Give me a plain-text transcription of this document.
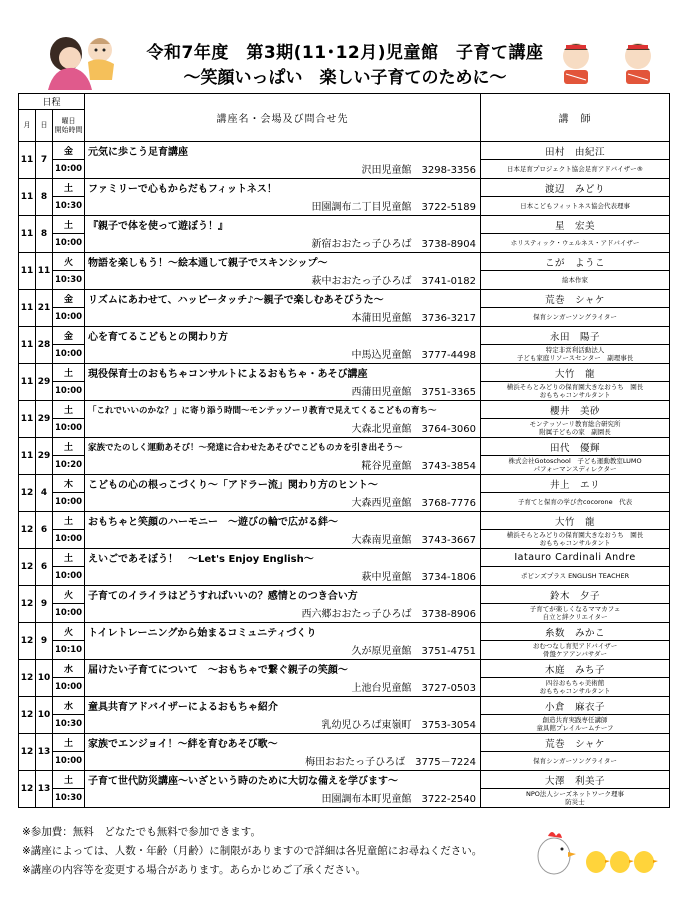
令和7年度　第3期(11･12月)児童館　子育て講座
～笑顔いっぱい　楽しい子育てのために～
日程			講座名・会場及び問合せ先	講　師
月	日	曜日
開始時間		

11	7	金	元気に歩こう足育講座	田村　由紀江
		10:00	沢田児童館　3298-3356	日本足育プロジェクト協会足育アドバイザー®

11	8	土	ファミリーで心もからだもフィットネス！	渡辺　みどり
		10:30	田園調布二丁目児童館　3722-5189	日本こどもフィットネス協会代表理事

11	8	土	『親子で体を使って遊ぼう！』	星　宏美
		10:00	新宿おおたっ子ひろば　3738-8904	ホリスティック・ウェルネス・アドバイザー

11	11	火	物語を楽しもう！～絵本通して親子でスキンシップ～	こが　ようこ
		10:30	萩中おおたっ子ひろば　3741-0182	絵本作家

11	21	金	リズムにあわせて、ハッピータッチ♪～親子で楽しむあそびうた～	荒巻　シャケ
		10:00	本蒲田児童館　3736-3217	保育シンガーソングライター

11	28	金	心を育てるこどもとの関わり方	永田　陽子
		10:00	中馬込児童館　3777-4498	特定非営利活動法人
子ども家庭リソースセンター　副理事長

11	29	土	現役保育士のおもちゃコンサルトによるおもちゃ・あそび講座	大竹　龍
		10:00	西蒲田児童館　3751-3365	横浜そらとみどりの保育園大きなおうち　園長
おもちゃコンサルタント

11	29	土	「これでいいのかな？」に寄り添う時間～モンテッソーリ教育で見えてくるこどもの育ち～	櫻井　美砂
		10:00	大森北児童館　3764-3060	モンテッソーリ教育総合研究所
附属子どもの家　副園長

11	29	土	家族でたのしく運動あそび！～発達に合わせたあそびでこどものカを引き出そう～	田代　優輝
		10:20	糀谷児童館　3743-3854	株式会社Gotoschool　子ども運動教室LUMO
パフォーマンスディレクター

12	4	木	こどもの心の根っこづくり～「アドラー流」関わり方のヒント～	井上　エリ
		10:00	大森西児童館　3768-7776	子育てと保育の学び舎cocorone　代表

12	6	土	おもちゃと笑顔のハーモニー　～遊びの輪で広がる絆～	大竹　龍
		10:00	大森南児童館　3743-3667	横浜そらとみどりの保育園大きなおうち　園長
おもちゃコンサルタント

12	6	土	えいごであそぼう！　～Let's Enjoy English～	Iatauro Cardinali Andre
		10:00	萩中児童館　3734-1806	ポピンズプラス ENGLISH TEACHER

12	9	火	子育てのイライラはどうすればいいの？感情とのつき合い方	鈴木　夕子
		10:00	西六郷おおたっ子ひろば　3738-8906	子育てが楽しくなるママカフェ
自立と絆クリエイター

12	9	火	トイレトレーニングから始まるコミュニティづくり	糸数　みかこ
		10:10	久が原児童館　3751-4751	おむつなし育児アドバイザー
骨盤ケアアンバサダー

12	10	水	届けたい子育てについて　～おもちゃで繋ぐ親子の笑顔～	木庭　みち子
		10:00	上池台児童館　3727-0503	四谷おもちゃ美術館
おもちゃコンサルタント

12	10	水	童具共育アドバイザーによるおもちゃ紹介	小倉　麻衣子
		10:30	乳幼児ひろば東嶺町　3753-3054	創造共育実践専任講師
童具館プレイルームチーフ

12	13	土	家族でエンジョイ！～絆を育むあそび歌～	荒巻　シャケ
		10:00	梅田おおたっ子ひろば　3775－7224	保育シンガーソングライター

12	13	土	子育て世代防災講座～いざという時のために大切な備えを学びます～	大澤　利美子
		10:30	田園調布本町児童館　3722-2540	NPO法人シーズネットワーク理事
防災士
※参加費：無料　どなたでも無料で参加できます。
※講座によっては、人数・年齢（月齢）に制限がありますので詳細は各児童館にお尋ねください。
※講座の内容等を変更する場合があります。あらかじめご了承ください。
